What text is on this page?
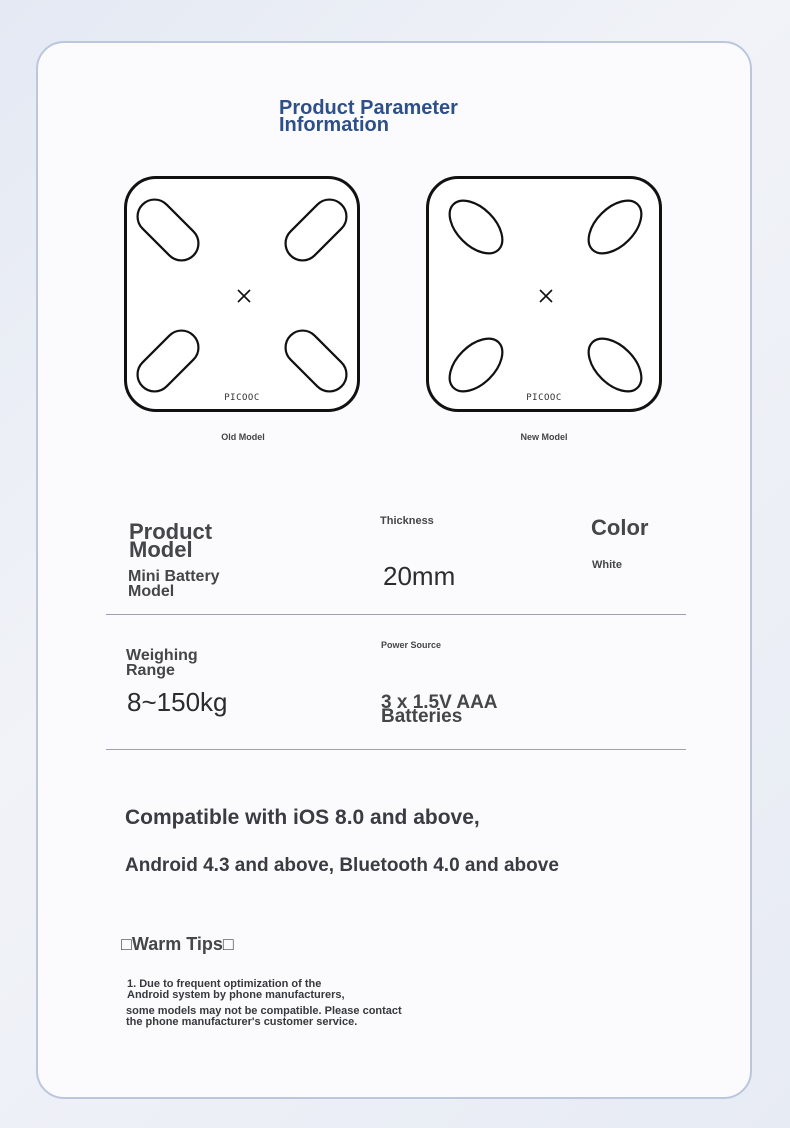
Product Parameter
Information
PICOOC
Old Model
PICOOC
New Model
Product
Model
Mini Battery
Model
Thickness
20mm
Color
White
Weighing
Range
8~150kg
Power Source
3 x 1.5V AAA
Batteries
Compatible with iOS 8.0 and above,
Android 4.3 and above, Bluetooth 4.0 and above
□Warm Tips□
1. Due to frequent optimization of the
Android system by phone manufacturers,
some models may not be compatible. Please contact
the phone manufacturer's customer service.
